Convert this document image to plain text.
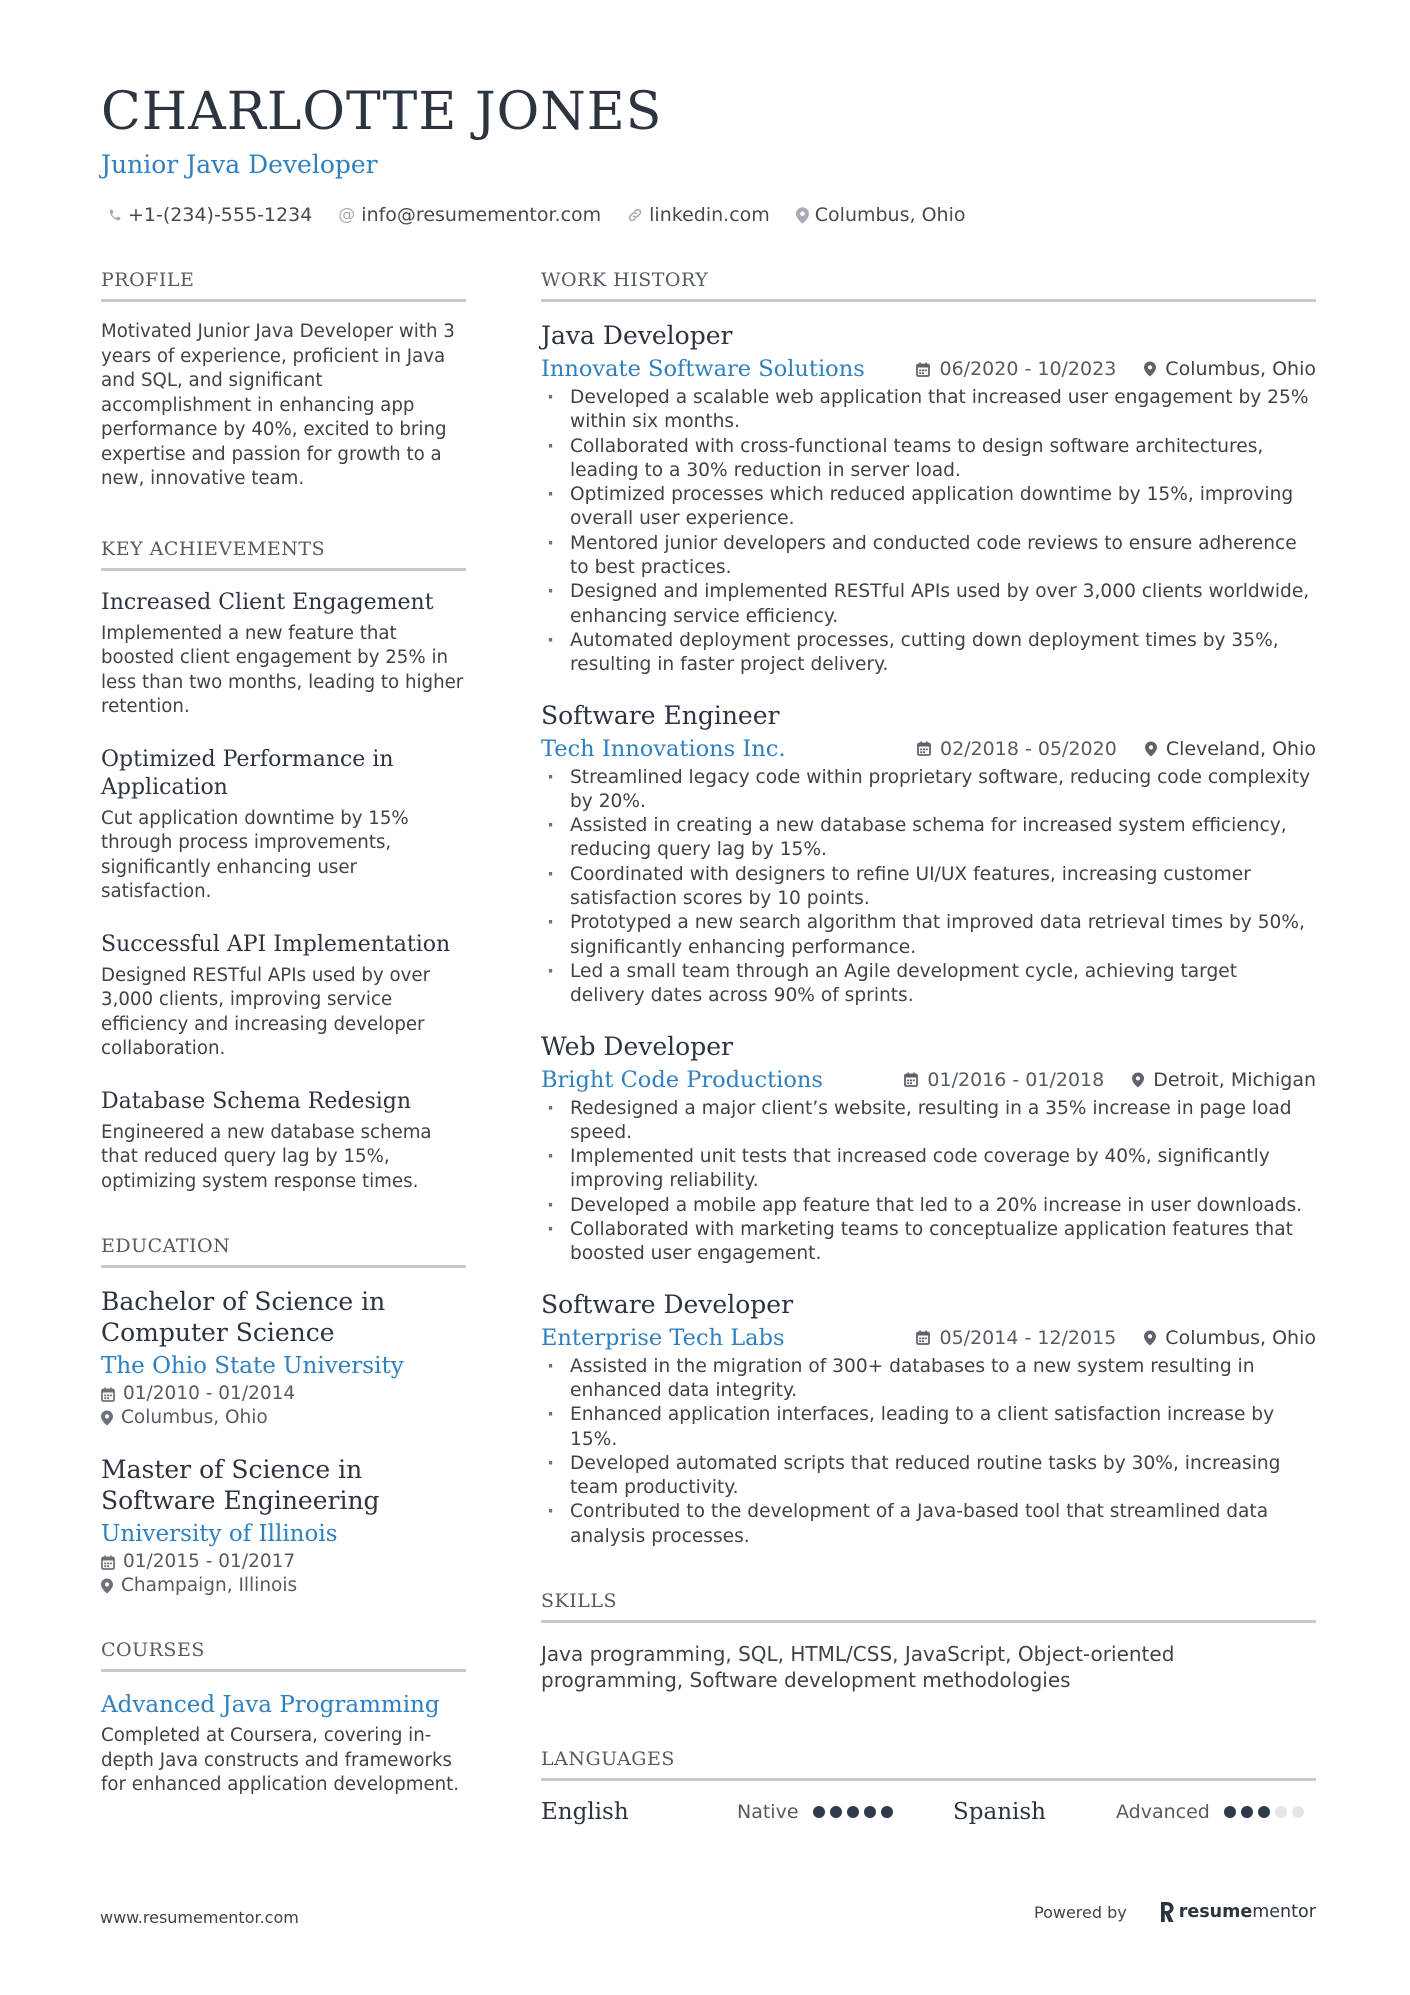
CHARLOTTE JONES
Junior Java Developer
+1-(234)-555-1234 @ info@resumementor.com	linkedin.com Columbus, Ohio
PROFILE
Motivated Junior Java Developer with 3 years of experience, proficient in Java and SQL, and significant accomplishment in enhancing app performance by 40%, excited to bring expertise and passion for growth to a new, innovative team.
KEY ACHIEVEMENTS
Increased Client Engagement
Implemented a new feature that boosted client engagement by 25% in less than two months, leading to higher retention.
Optimized Performance in Application
Cut application downtime by 15% through process improvements, significantly enhancing user satisfaction.
Successful API Implementation
Designed RESTful APIs used by over 3,000 clients, improving service efficiency and increasing developer collaboration.
Database Schema Redesign
Engineered a new database schema that reduced query lag by 15%, optimizing system response times.
EDUCATION
Bachelor of Science in Computer Science
The Ohio State University
01/2010 - 01/2014
Columbus, Ohio
Master of Science in Software Engineering
University of Illinois
01/2015 - 01/2017
Champaign, Illinois
COURSES
Advanced Java Programming
Completed at Coursera, covering in-depth Java constructs and frameworks for enhanced application development.
WORK HISTORY
Java Developer
Innovate Software Solutions	06/2020 - 10/2023	Columbus, Ohio
· Developed a scalable web application that increased user engagement by 25% within six months.
· Collaborated with cross-functional teams to design software architectures, leading to a 30% reduction in server load.
· Optimized processes which reduced application downtime by 15%, improving overall user experience.
· Mentored junior developers and conducted code reviews to ensure adherence to best practices.
· Designed and implemented RESTful APIs used by over 3,000 clients worldwide, enhancing service efficiency.
· Automated deployment processes, cutting down deployment times by 35%, resulting in faster project delivery.
Software Engineer
Tech Innovations Inc.	02/2018 - 05/2020	Cleveland, Ohio
· Streamlined legacy code within proprietary software, reducing code complexity by 20%.
· Assisted in creating a new database schema for increased system efficiency, reducing query lag by 15%.
· Coordinated with designers to refine UI/UX features, increasing customer satisfaction scores by 10 points.
· Prototyped a new search algorithm that improved data retrieval times by 50%, significantly enhancing performance.
· Led a small team through an Agile development cycle, achieving target delivery dates across 90% of sprints.
Web Developer
Bright Code Productions	01/2016 - 01/2018	Detroit, Michigan
· Redesigned a major client’s website, resulting in a 35% increase in page load speed.
· Implemented unit tests that increased code coverage by 40%, significantly improving reliability.
· Developed a mobile app feature that led to a 20% increase in user downloads.
· Collaborated with marketing teams to conceptualize application features that boosted user engagement.
Software Developer
Enterprise Tech Labs	05/2014 - 12/2015	Columbus, Ohio
· Assisted in the migration of 300+ databases to a new system resulting in enhanced data integrity.
· Enhanced application interfaces, leading to a client satisfaction increase by 15%.
· Developed automated scripts that reduced routine tasks by 30%, increasing team productivity.
· Contributed to the development of a Java-based tool that streamlined data analysis processes.
SKILLS
Java programming, SQL, HTML/CSS, JavaScript, Object-oriented programming, Software development methodologies
LANGUAGES
English	Native	Spanish	Advanced
www.resumementor.com	Powered by	resume mentor
